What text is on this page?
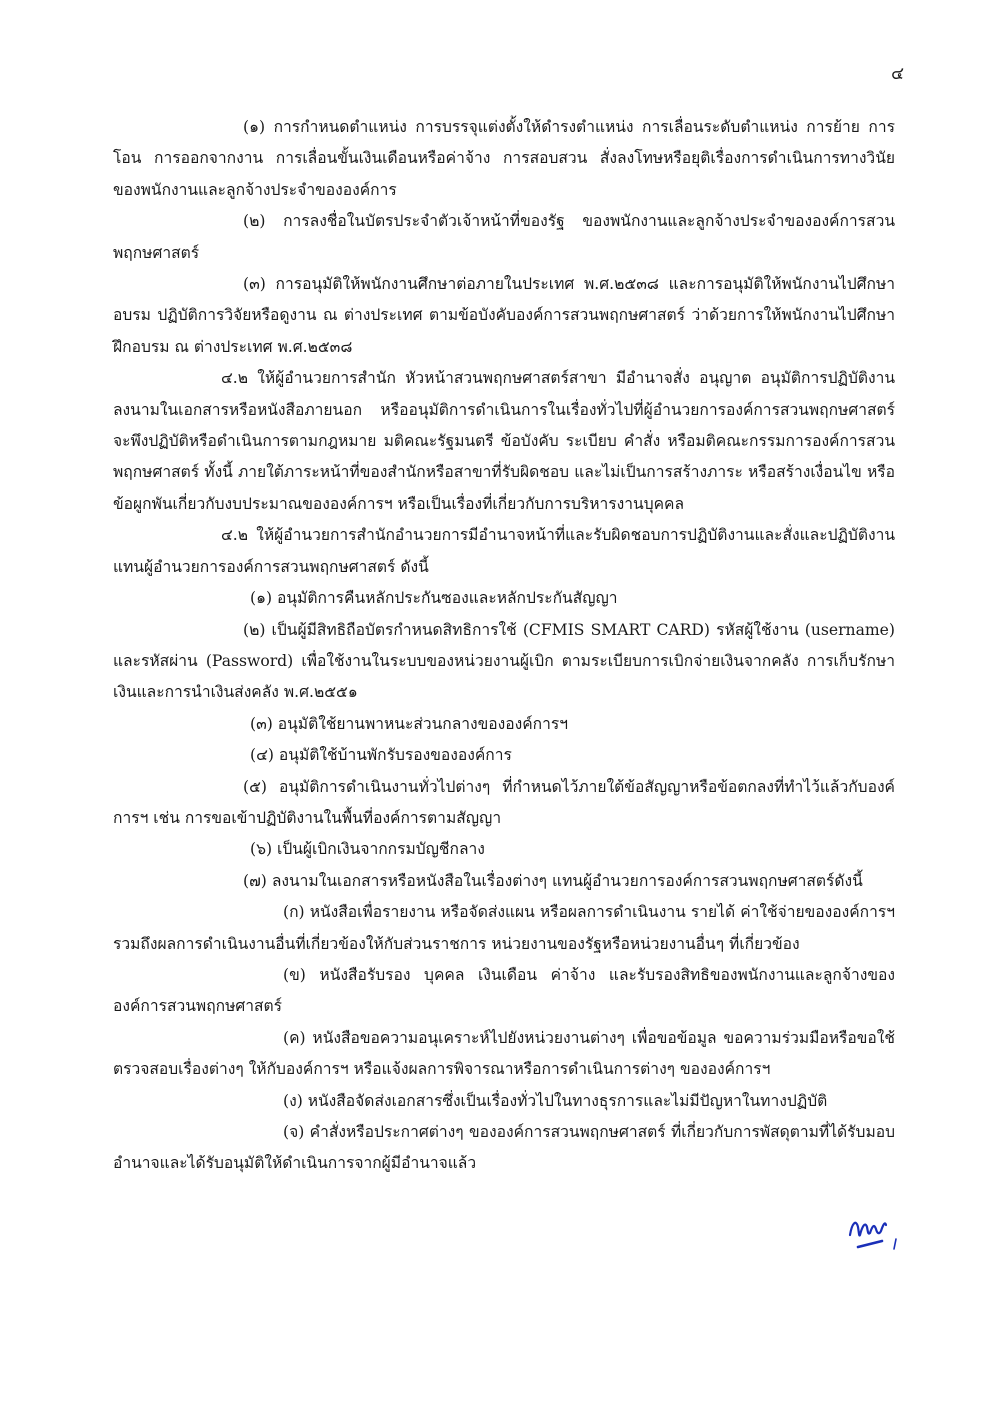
๔

(๑) การกำหนดตำแหน่ง การบรรจุแต่งตั้งให้ดำรงตำแหน่ง การเลื่อนระดับตำแหน่ง การย้าย การโอน การออกจากงาน การเลื่อนขั้นเงินเดือนหรือค่าจ้าง การสอบสวน สั่งลงโทษหรือยุติเรื่องการดำเนินการทางวินัย ของพนักงานและลูกจ้างประจำขององค์การ

(๒) การลงชื่อในบัตรประจำตัวเจ้าหน้าที่ของรัฐ ของพนักงานและลูกจ้างประจำขององค์การสวนพฤกษศาสตร์

(๓) การอนุมัติให้พนักงานศึกษาต่อภายในประเทศ พ.ศ.๒๕๓๘ และการอนุมัติให้พนักงานไปศึกษา อบรม ปฏิบัติการวิจัยหรือดูงาน ณ ต่างประเทศ ตามข้อบังคับองค์การสวนพฤกษศาสตร์ ว่าด้วยการให้พนักงานไปศึกษา ฝึกอบรม ณ ต่างประเทศ พ.ศ.๒๕๓๘

๔.๒ ให้ผู้อำนวยการสำนัก หัวหน้าสวนพฤกษศาสตร์สาขา มีอำนาจสั่ง อนุญาต อนุมัติการปฏิบัติงาน ลงนามในเอกสารหรือหนังสือภายนอก หรืออนุมัติการดำเนินการในเรื่องทั่วไปที่ผู้อำนวยการองค์การสวนพฤกษศาสตร์ จะพึงปฏิบัติหรือดำเนินการตามกฎหมาย มติคณะรัฐมนตรี ข้อบังคับ ระเบียบ คำสั่ง หรือมติคณะกรรมการองค์การสวนพฤกษศาสตร์ ทั้งนี้ ภายใต้ภาระหน้าที่ของสำนักหรือสาขาที่รับผิดชอบ และไม่เป็นการสร้างภาระ หรือสร้างเงื่อนไข หรือข้อผูกพันเกี่ยวกับงบประมาณขององค์การฯ หรือเป็นเรื่องที่เกี่ยวกับการบริหารงานบุคคล

๔.๒ ให้ผู้อำนวยการสำนักอำนวยการมีอำนาจหน้าที่และรับผิดชอบการปฏิบัติงานและสั่งและปฏิบัติงานแทนผู้อำนวยการองค์การสวนพฤกษศาสตร์ ดังนี้

(๑) อนุมัติการคืนหลักประกันซองและหลักประกันสัญญา

(๒) เป็นผู้มีสิทธิถือบัตรกำหนดสิทธิการใช้ (CFMIS SMART CARD) รหัสผู้ใช้งาน (username) และรหัสผ่าน (Password) เพื่อใช้งานในระบบของหน่วยงานผู้เบิก ตามระเบียบการเบิกจ่ายเงินจากคลัง การเก็บรักษาเงินและการนำเงินส่งคลัง พ.ศ.๒๕๕๑

(๓) อนุมัติใช้ยานพาหนะส่วนกลางขององค์การฯ

(๔) อนุมัติใช้บ้านพักรับรองขององค์การ

(๕) อนุมัติการดำเนินงานทั่วไปต่างๆ ที่กำหนดไว้ภายใต้ข้อสัญญาหรือข้อตกลงที่ทำไว้แล้วกับองค์การฯ เช่น การขอเข้าปฏิบัติงานในพื้นที่องค์การตามสัญญา

(๖) เป็นผู้เบิกเงินจากกรมบัญชีกลาง

(๗) ลงนามในเอกสารหรือหนังสือในเรื่องต่างๆ แทนผู้อำนวยการองค์การสวนพฤกษศาสตร์ดังนี้

(ก) หนังสือเพื่อรายงาน หรือจัดส่งแผน หรือผลการดำเนินงาน รายได้ ค่าใช้จ่ายขององค์การฯ รวมถึงผลการดำเนินงานอื่นที่เกี่ยวข้องให้กับส่วนราชการ หน่วยงานของรัฐหรือหน่วยงานอื่นๆ ที่เกี่ยวข้อง

(ข) หนังสือรับรอง บุคคล เงินเดือน ค่าจ้าง และรับรองสิทธิของพนักงานและลูกจ้างขององค์การสวนพฤกษศาสตร์

(ค) หนังสือขอความอนุเคราะห์ไปยังหน่วยงานต่างๆ เพื่อขอข้อมูล ขอความร่วมมือหรือขอใช้ตรวจสอบเรื่องต่างๆ ให้กับองค์การฯ หรือแจ้งผลการพิจารณาหรือการดำเนินการต่างๆ ขององค์การฯ

(ง) หนังสือจัดส่งเอกสารซึ่งเป็นเรื่องทั่วไปในทางธุรการและไม่มีปัญหาในทางปฏิบัติ

(จ) คำสั่งหรือประกาศต่างๆ ขององค์การสวนพฤกษศาสตร์ ที่เกี่ยวกับการพัสดุตามที่ได้รับมอบอำนาจและได้รับอนุมัติให้ดำเนินการจากผู้มีอำนาจแล้ว
